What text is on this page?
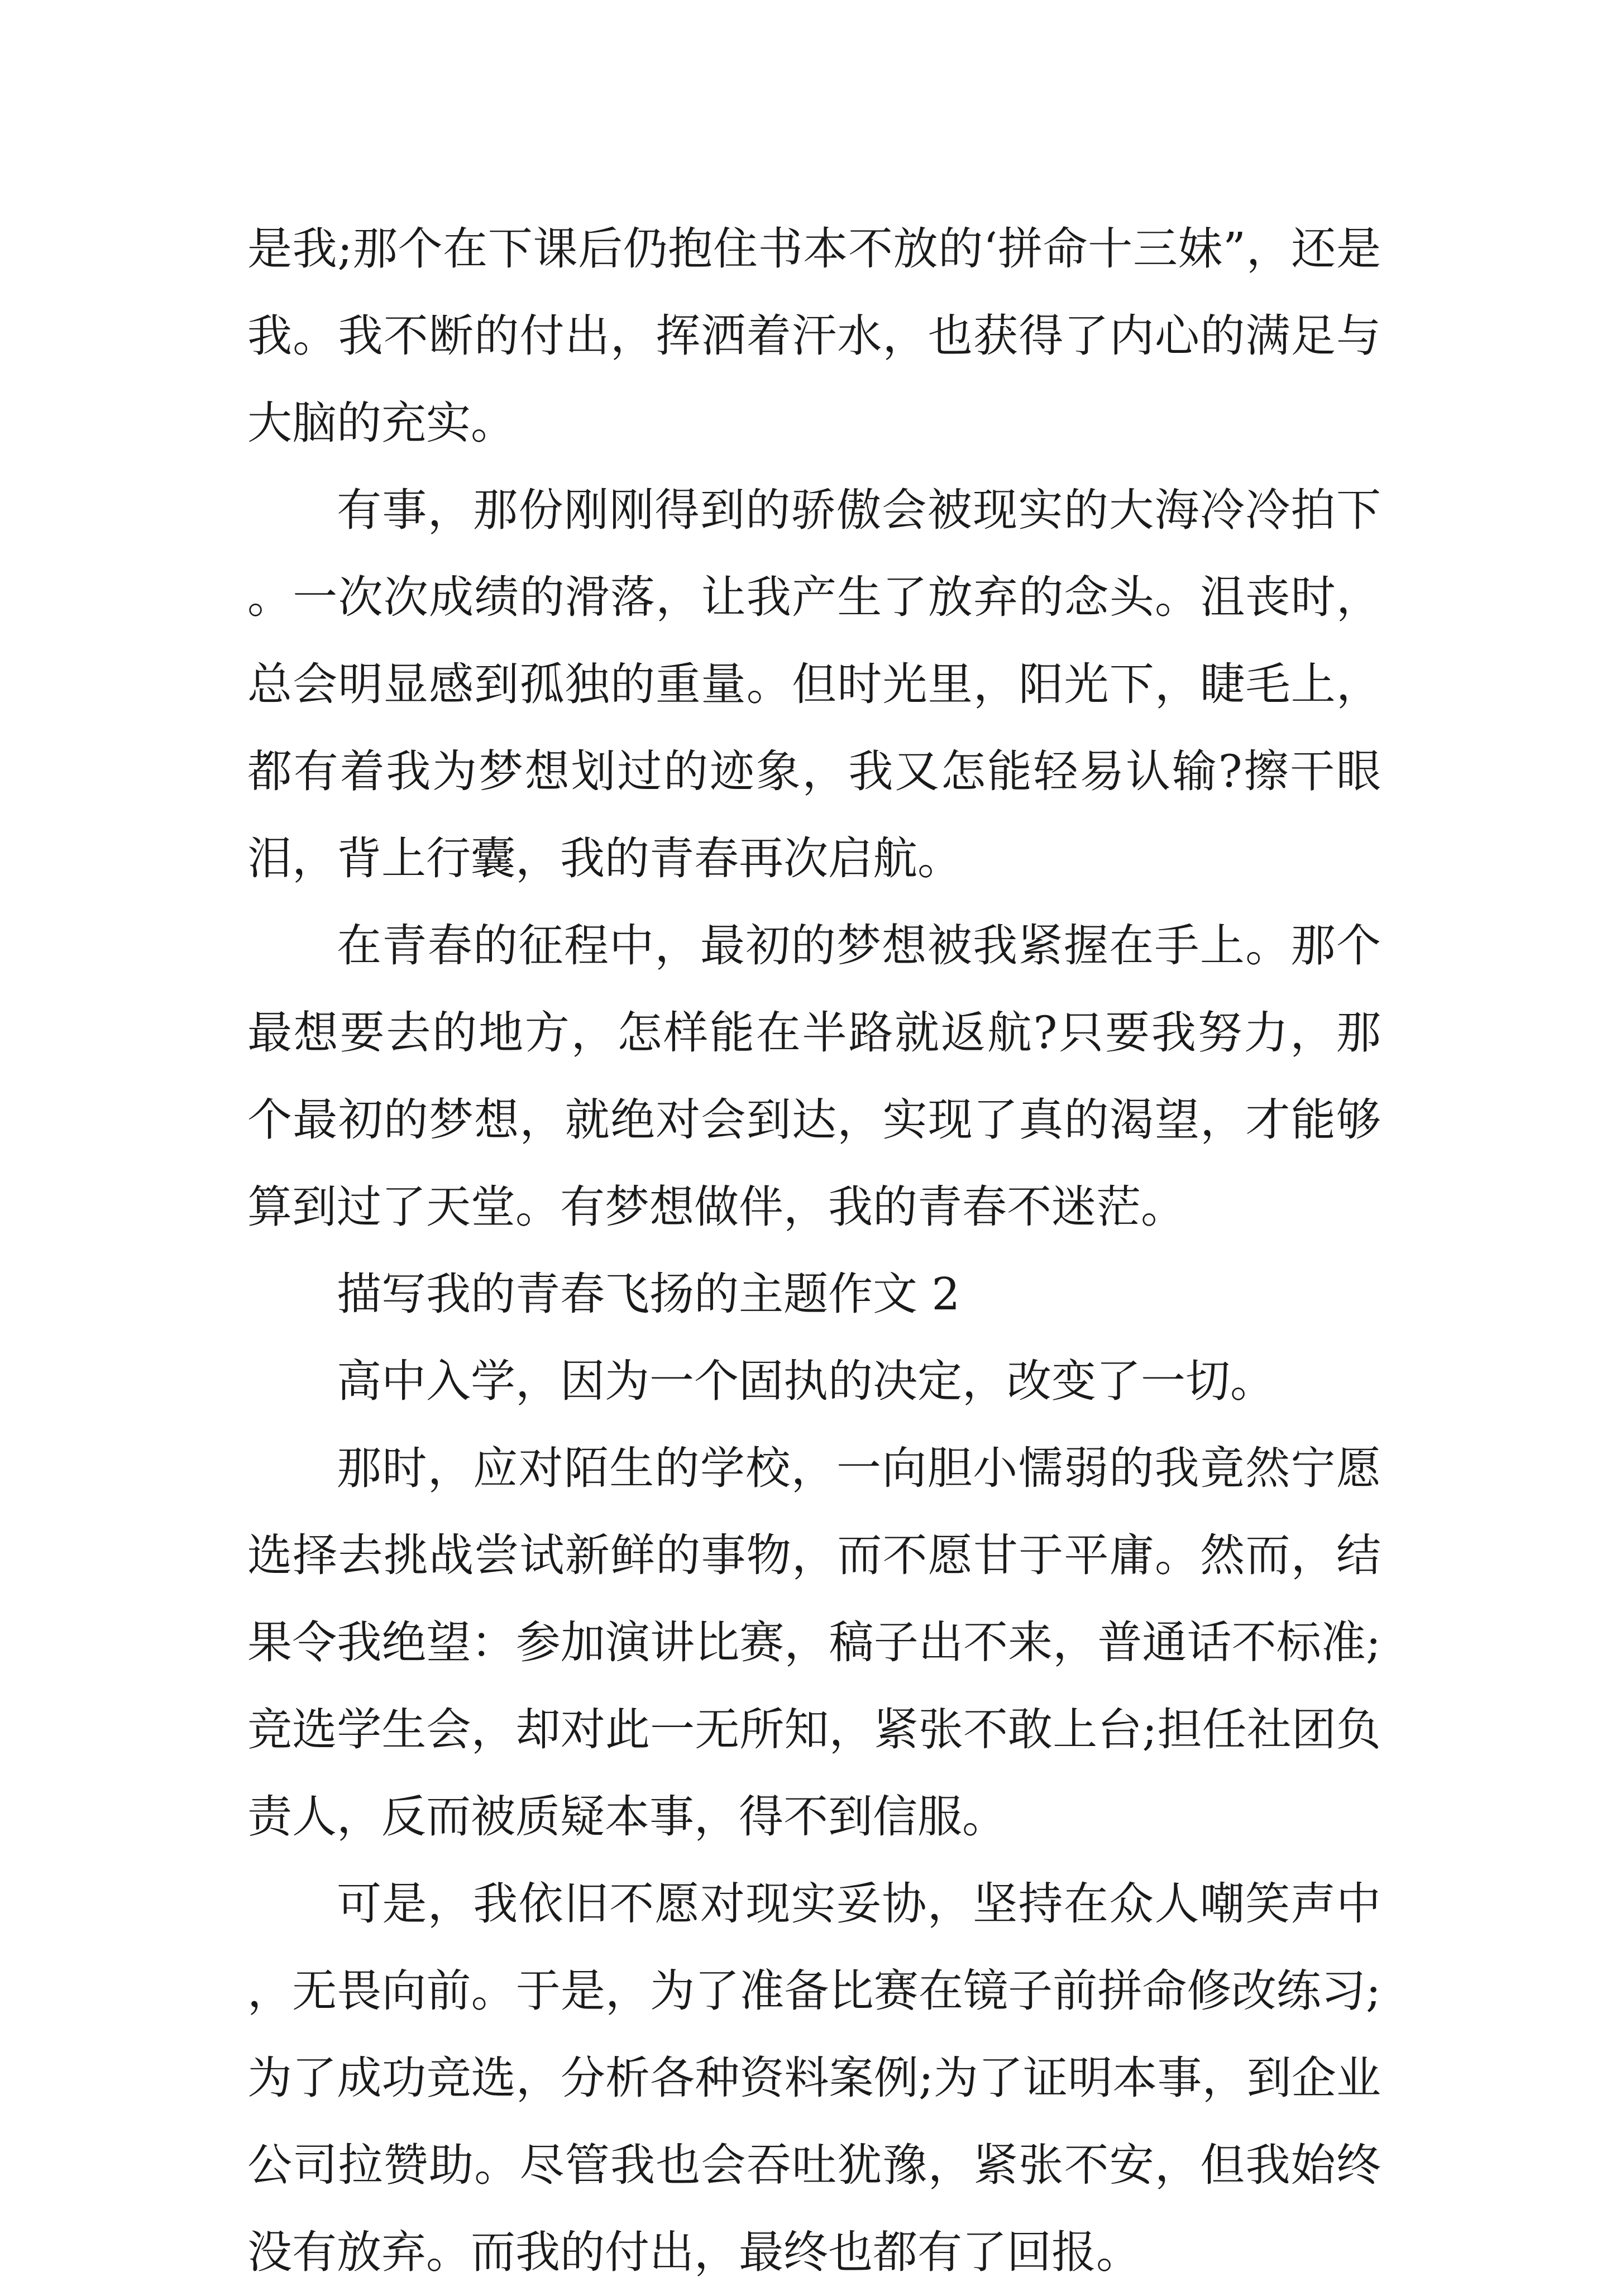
是我;那个在下课后仍抱住书本不放的‘拼命十三妹”，还是我。我不断的付出，挥洒着汗水，也获得了内心的满足与大脑的充实。

有事，那份刚刚得到的骄傲会被现实的大海冷冷拍下。一次次成绩的滑落，让我产生了放弃的念头。沮丧时，总会明显感到孤独的重量。但时光里，阳光下，睫毛上，都有着我为梦想划过的迹象，我又怎能轻易认输?擦干眼泪，背上行囊，我的青春再次启航。

在青春的征程中，最初的梦想被我紧握在手上。那个最想要去的地方，怎样能在半路就返航?只要我努力，那个最初的梦想，就绝对会到达，实现了真的渴望，才能够算到过了天堂。有梦想做伴，我的青春不迷茫。

描写我的青春飞扬的主题作文 2

高中入学，因为一个固执的决定，改变了一切。

那时，应对陌生的学校，一向胆小懦弱的我竟然宁愿选择去挑战尝试新鲜的事物，而不愿甘于平庸。然而，结果令我绝望：参加演讲比赛，稿子出不来，普通话不标准;竞选学生会，却对此一无所知，紧张不敢上台;担任社团负责人，反而被质疑本事，得不到信服。

可是，我依旧不愿对现实妥协，坚持在众人嘲笑声中，无畏向前。于是，为了准备比赛在镜子前拼命修改练习;为了成功竞选，分析各种资料案例;为了证明本事，到企业公司拉赞助。尽管我也会吞吐犹豫，紧张不安，但我始终没有放弃。而我的付出，最终也都有了回报。
